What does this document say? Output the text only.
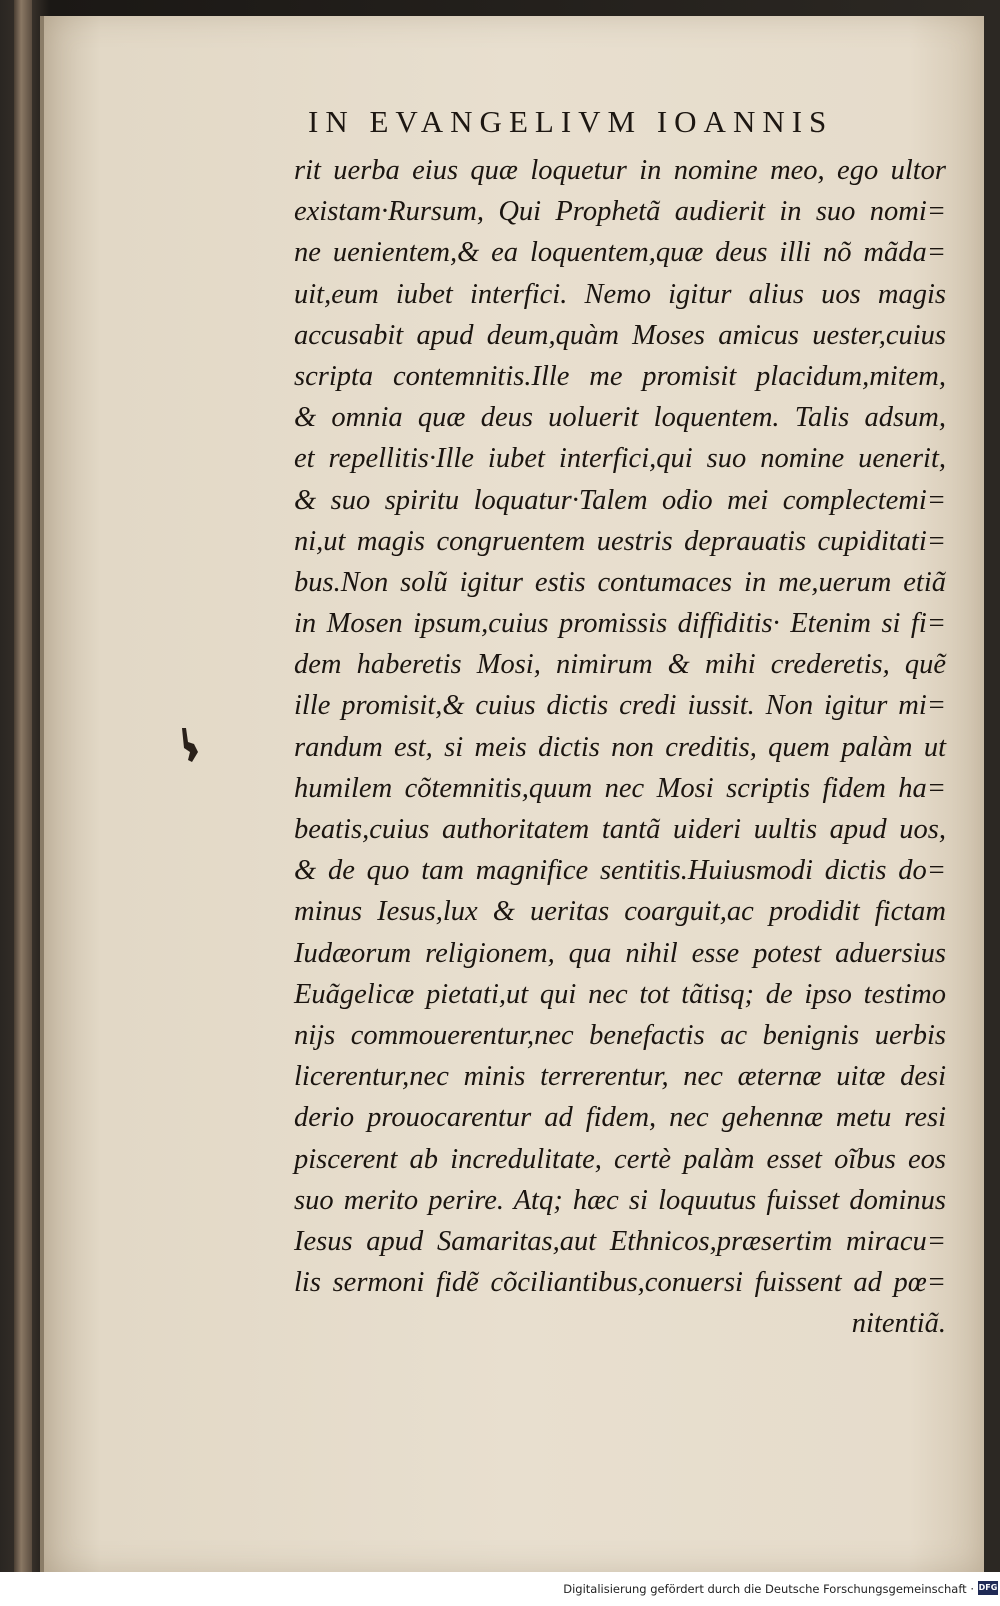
IN EVANGELIVM IOANNIS
rit uerba eius quæ loquetur in nomine meo, ego ultor
existam·Rursum, Qui Prophetã audierit in suo nomi=
ne uenientem,& ea loquentem,quæ deus illi nõ mãda=
uit,eum iubet interfici. Nemo igitur alius uos magis
accusabit apud deum,quàm Moses amicus uester,cuius
scripta contemnitis.Ille me promisit placidum,mitem,
& omnia quæ deus uoluerit loquentem. Talis adsum,
et repellitis·Ille iubet interfici,qui suo nomine uenerit,
& suo spiritu loquatur·Talem odio mei complectemi=
ni,ut magis congruentem uestris deprauatis cupiditati=
bus.Non solũ igitur estis contumaces in me,uerum etiã
in Mosen ipsum,cuius promissis diffiditis· Etenim si fi=
dem haberetis Mosi, nimirum & mihi crederetis, quẽ
ille promisit,& cuius dictis credi iussit. Non igitur mi=
randum est, si meis dictis non creditis, quem palàm ut
humilem cõtemnitis,quum nec Mosi scriptis fidem ha=
beatis,cuius authoritatem tantã uideri uultis apud uos,
& de quo tam magnifice sentitis.Huiusmodi dictis do=
minus Iesus,lux & ueritas coarguit,ac prodidit fictam
Iudæorum religionem, qua nihil esse potest aduersius
Euãgelicæ pietati,ut qui nec tot tãtisq; de ipso testimo
nijs commouerentur,nec benefactis ac benignis uerbis
licerentur,nec minis terrerentur, nec æternæ uitæ desi
derio prouocarentur ad fidem, nec gehennæ metu resi
piscerent ab incredulitate, certè palàm esset oĩbus eos
suo merito perire. Atq; hæc si loquutus fuisset dominus
Iesus apud Samaritas,aut Ethnicos,præsertim miracu=
lis sermoni fidẽ cõciliantibus,conuersi fuissent ad pœ=
nitentiã.
Digitalisierung gefördert durch die Deutsche Forschungsgemeinschaft · DFG
